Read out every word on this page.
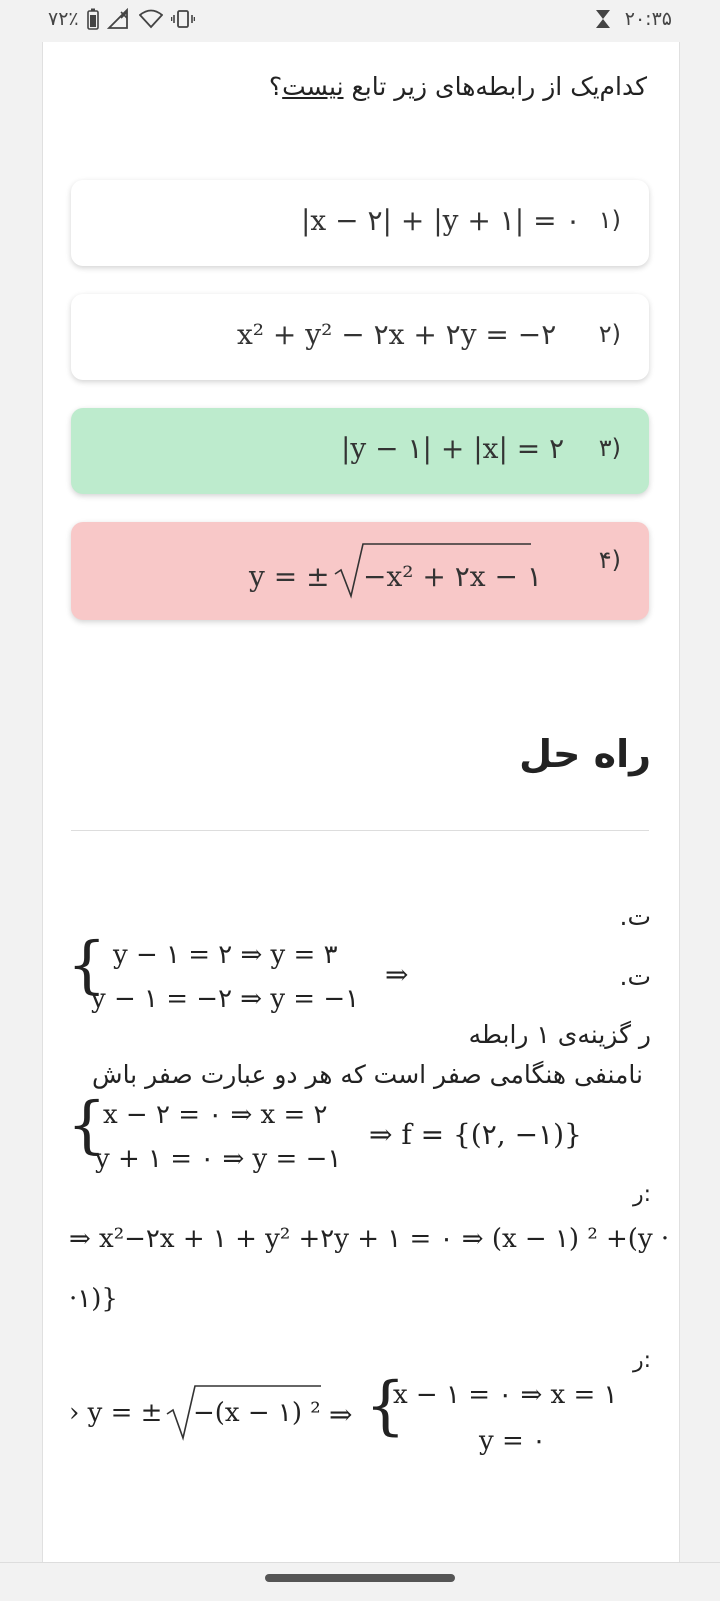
۷۲٪	۲۰:۳۵
کدام‌یک از رابطه‌های زیر تابع نیست؟
۱)
|x − ۲| + |y + ۱| = ۰
۲)
x² + y² − ۲x + ۲y = −۲
۳)
|y − ۱| + |x| = ۲
۴)
y = ± −x² + ۲x − ۱
راه حل
ت.
ت.
{ y − ۱ = ۲ ⇒ y = ۳
y − ۱ = −۲ ⇒ y = −۱
⇒
ر گزینه‌ی ۱ رابطه
نامنفی هنگامی صفر است که هر دو عبارت صفر باش
{
x − ۲ = ۰ ⇒ x = ۲
y + ۱ = ۰ ⇒ y = −۱
⇒ f = {(۲, −۱)}
:ر
⇒ x²−۲x + ۱ + y² +۲y + ۱ = ۰ ⇒ (x − ۱) ² +(y ·
·۱)}
:ر
› y = ± −(x − ۱) ² ⇒ {
x − ۱ = ۰ ⇒ x = ۱
y = ۰
